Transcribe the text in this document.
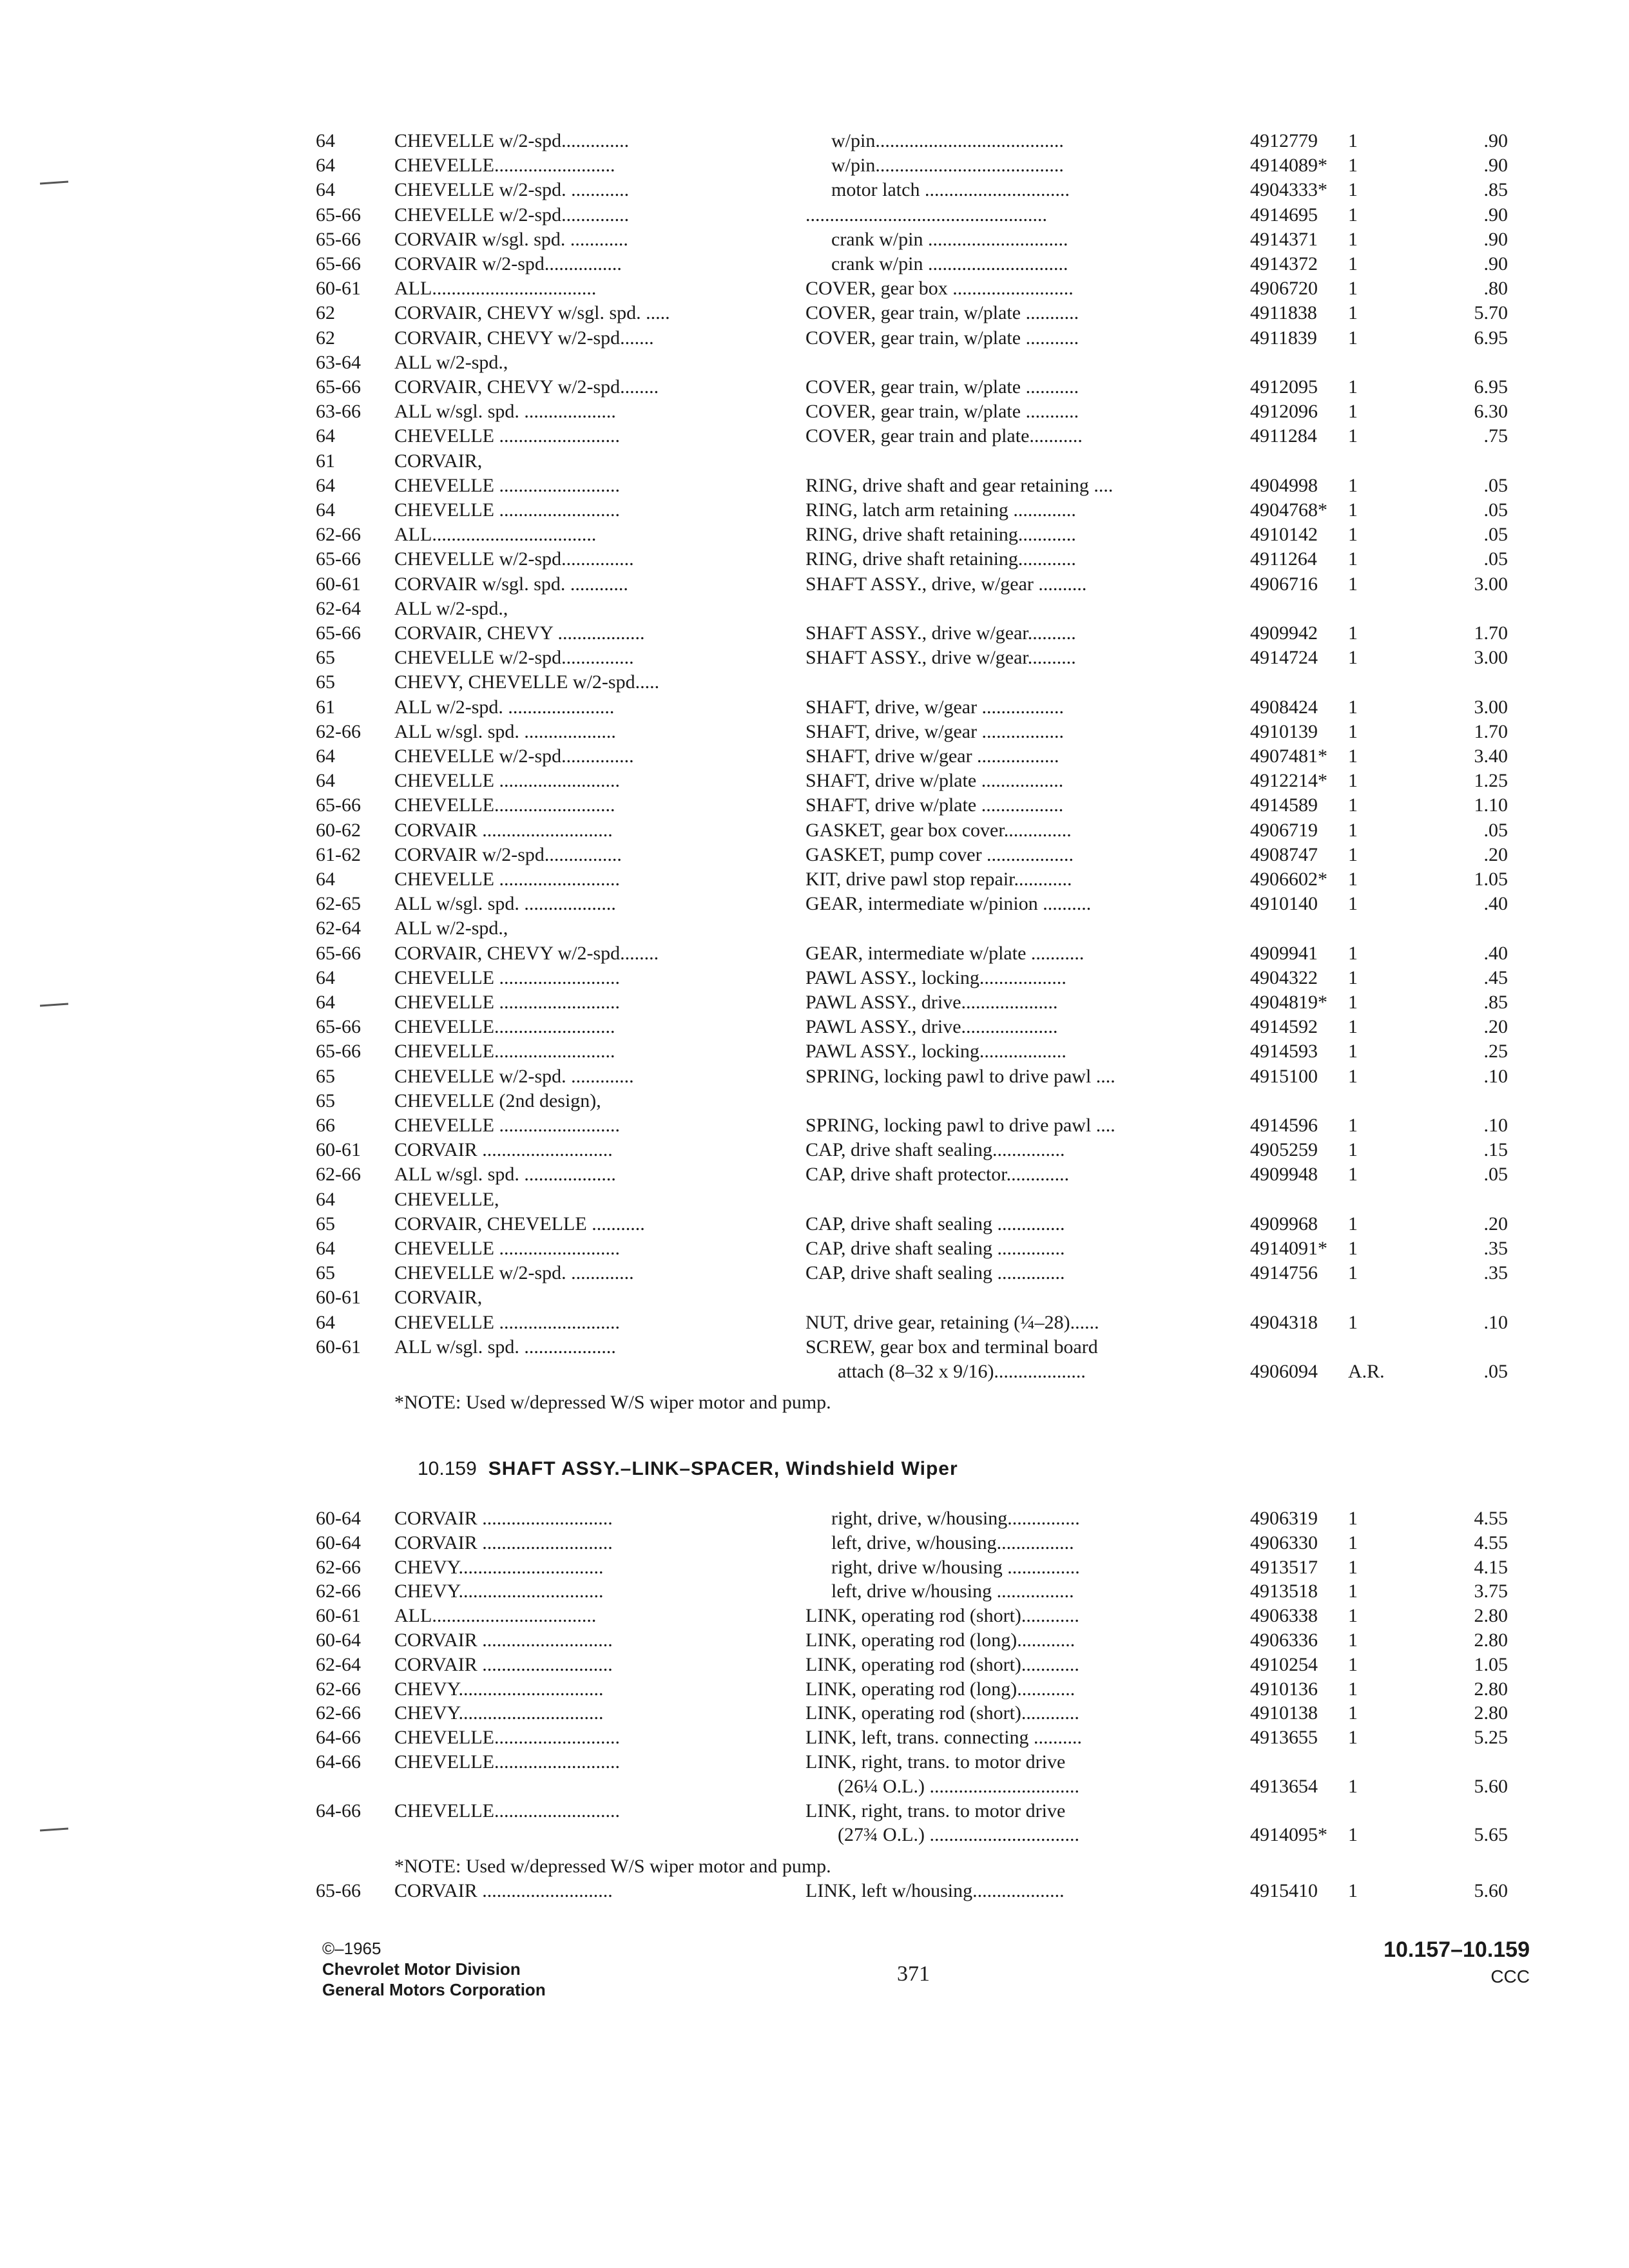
64	CHEVELLE w/2-spd..............	w/pin.......................................	4912779 1	.90
64	CHEVELLE.........................	w/pin.......................................	4914089* 1	.90
64	CHEVELLE w/2-spd. ............	motor latch ..............................	4904333* 1	.85
65-66 CHEVELLE w/2-spd..............	..................................................	4914695 1	.90
65-66 CORVAIR w/sgl. spd. ............	crank w/pin .............................	4914371 1	.90
65-66 CORVAIR w/2-spd................	crank w/pin .............................	4914372 1	.90
60-61 ALL..................................	COVER, gear box .........................	4906720 1	.80
62	CORVAIR, CHEVY w/sgl. spd. .....	COVER, gear train, w/plate ...........	4911838 1	5.70
62	CORVAIR, CHEVY w/2-spd.......	COVER, gear train, w/plate ...........	4911839 1	6.95
63-64 ALL w/2-spd.,
65-66 CORVAIR, CHEVY w/2-spd........	COVER, gear train, w/plate ...........	4912095 1	6.95
63-66 ALL w/sgl. spd. ...................	COVER, gear train, w/plate ...........	4912096 1	6.30
64	CHEVELLE .........................	COVER, gear train and plate...........	4911284 1	.75
61	CORVAIR,
64	CHEVELLE .........................	RING, drive shaft and gear retaining ....	4904998 1	.05
64	CHEVELLE .........................	RING, latch arm retaining .............	4904768* 1	.05
62-66 ALL..................................	RING, drive shaft retaining............	4910142 1	.05
65-66 CHEVELLE w/2-spd...............	RING, drive shaft retaining............	4911264 1	.05
60-61 CORVAIR w/sgl. spd. ............	SHAFT ASSY., drive, w/gear ..........	4906716 1	3.00
62-64 ALL w/2-spd.,
65-66 CORVAIR, CHEVY ..................	SHAFT ASSY., drive w/gear..........	4909942 1	1.70
65	CHEVELLE w/2-spd...............	SHAFT ASSY., drive w/gear..........	4914724 1	3.00
65	CHEVY, CHEVELLE w/2-spd.....
61	ALL w/2-spd. ......................	SHAFT, drive, w/gear .................	4908424 1	3.00
62-66 ALL w/sgl. spd. ...................	SHAFT, drive, w/gear .................	4910139 1	1.70
64	CHEVELLE w/2-spd...............	SHAFT, drive w/gear .................	4907481* 1	3.40
64	CHEVELLE .........................	SHAFT, drive w/plate .................	4912214* 1	1.25
65-66 CHEVELLE.........................	SHAFT, drive w/plate .................	4914589 1	1.10
60-62 CORVAIR ...........................	GASKET, gear box cover..............	4906719 1	.05
61-62 CORVAIR w/2-spd................	GASKET, pump cover ..................	4908747 1	.20
64	CHEVELLE .........................	KIT, drive pawl stop repair............	4906602* 1	1.05
62-65 ALL w/sgl. spd. ...................	GEAR, intermediate w/pinion ..........	4910140 1	.40
62-64 ALL w/2-spd.,
65-66 CORVAIR, CHEVY w/2-spd........	GEAR, intermediate w/plate ...........	4909941 1	.40
64	CHEVELLE .........................	PAWL ASSY., locking..................	4904322 1	.45
64	CHEVELLE .........................	PAWL ASSY., drive....................	4904819* 1	.85
65-66 CHEVELLE.........................	PAWL ASSY., drive....................	4914592 1	.20
65-66 CHEVELLE.........................	PAWL ASSY., locking..................	4914593 1	.25
65	CHEVELLE w/2-spd. .............	SPRING, locking pawl to drive pawl ....	4915100 1	.10
65	CHEVELLE (2nd design),
66	CHEVELLE .........................	SPRING, locking pawl to drive pawl ....	4914596 1	.10
60-61 CORVAIR ...........................	CAP, drive shaft sealing...............	4905259 1	.15
62-66 ALL w/sgl. spd. ...................	CAP, drive shaft protector.............	4909948 1	.05
64	CHEVELLE,
65	CORVAIR, CHEVELLE ...........	CAP, drive shaft sealing ..............	4909968 1	.20
64	CHEVELLE .........................	CAP, drive shaft sealing ..............	4914091* 1	.35
65	CHEVELLE w/2-spd. .............	CAP, drive shaft sealing ..............	4914756 1	.35
60-61 CORVAIR,
64	CHEVELLE .........................	NUT, drive gear, retaining (¼–28)......	4904318 1	.10
60-61 ALL w/sgl. spd. ...................	SCREW, gear box and terminal board
attach (8–32 x 9/16)...................	4906094 A.R.	.05
*NOTE: Used w/depressed W/S wiper motor and pump.
10.159 SHAFT ASSY.–LINK–SPACER, Windshield Wiper
60-64 CORVAIR ...........................	right, drive, w/housing...............	4906319 1	4.55
60-64 CORVAIR ...........................	left, drive, w/housing................	4906330 1	4.55
62-66 CHEVY..............................	right, drive w/housing ...............	4913517 1	4.15
62-66 CHEVY..............................	left, drive w/housing ................	4913518 1	3.75
60-61 ALL..................................	LINK, operating rod (short)............	4906338 1	2.80
60-64 CORVAIR ...........................	LINK, operating rod (long)............	4906336 1	2.80
62-64 CORVAIR ...........................	LINK, operating rod (short)............	4910254 1	1.05
62-66 CHEVY..............................	LINK, operating rod (long)............	4910136 1	2.80
62-66 CHEVY..............................	LINK, operating rod (short)............	4910138 1	2.80
64-66 CHEVELLE..........................	LINK, left, trans. connecting ..........	4913655 1	5.25
64-66 CHEVELLE..........................	LINK, right, trans. to motor drive
(26¼ O.L.) ...............................	4913654 1	5.60
64-66 CHEVELLE..........................	LINK, right, trans. to motor drive
(27¾ O.L.) ...............................	4914095* 1	5.65
*NOTE: Used w/depressed W/S wiper motor and pump.
65-66 CORVAIR ...........................	LINK, left w/housing...................	4915410 1	5.60
©–1965
Chevrolet Motor Division
General Motors Corporation
371
10.157–10.159
CCC
